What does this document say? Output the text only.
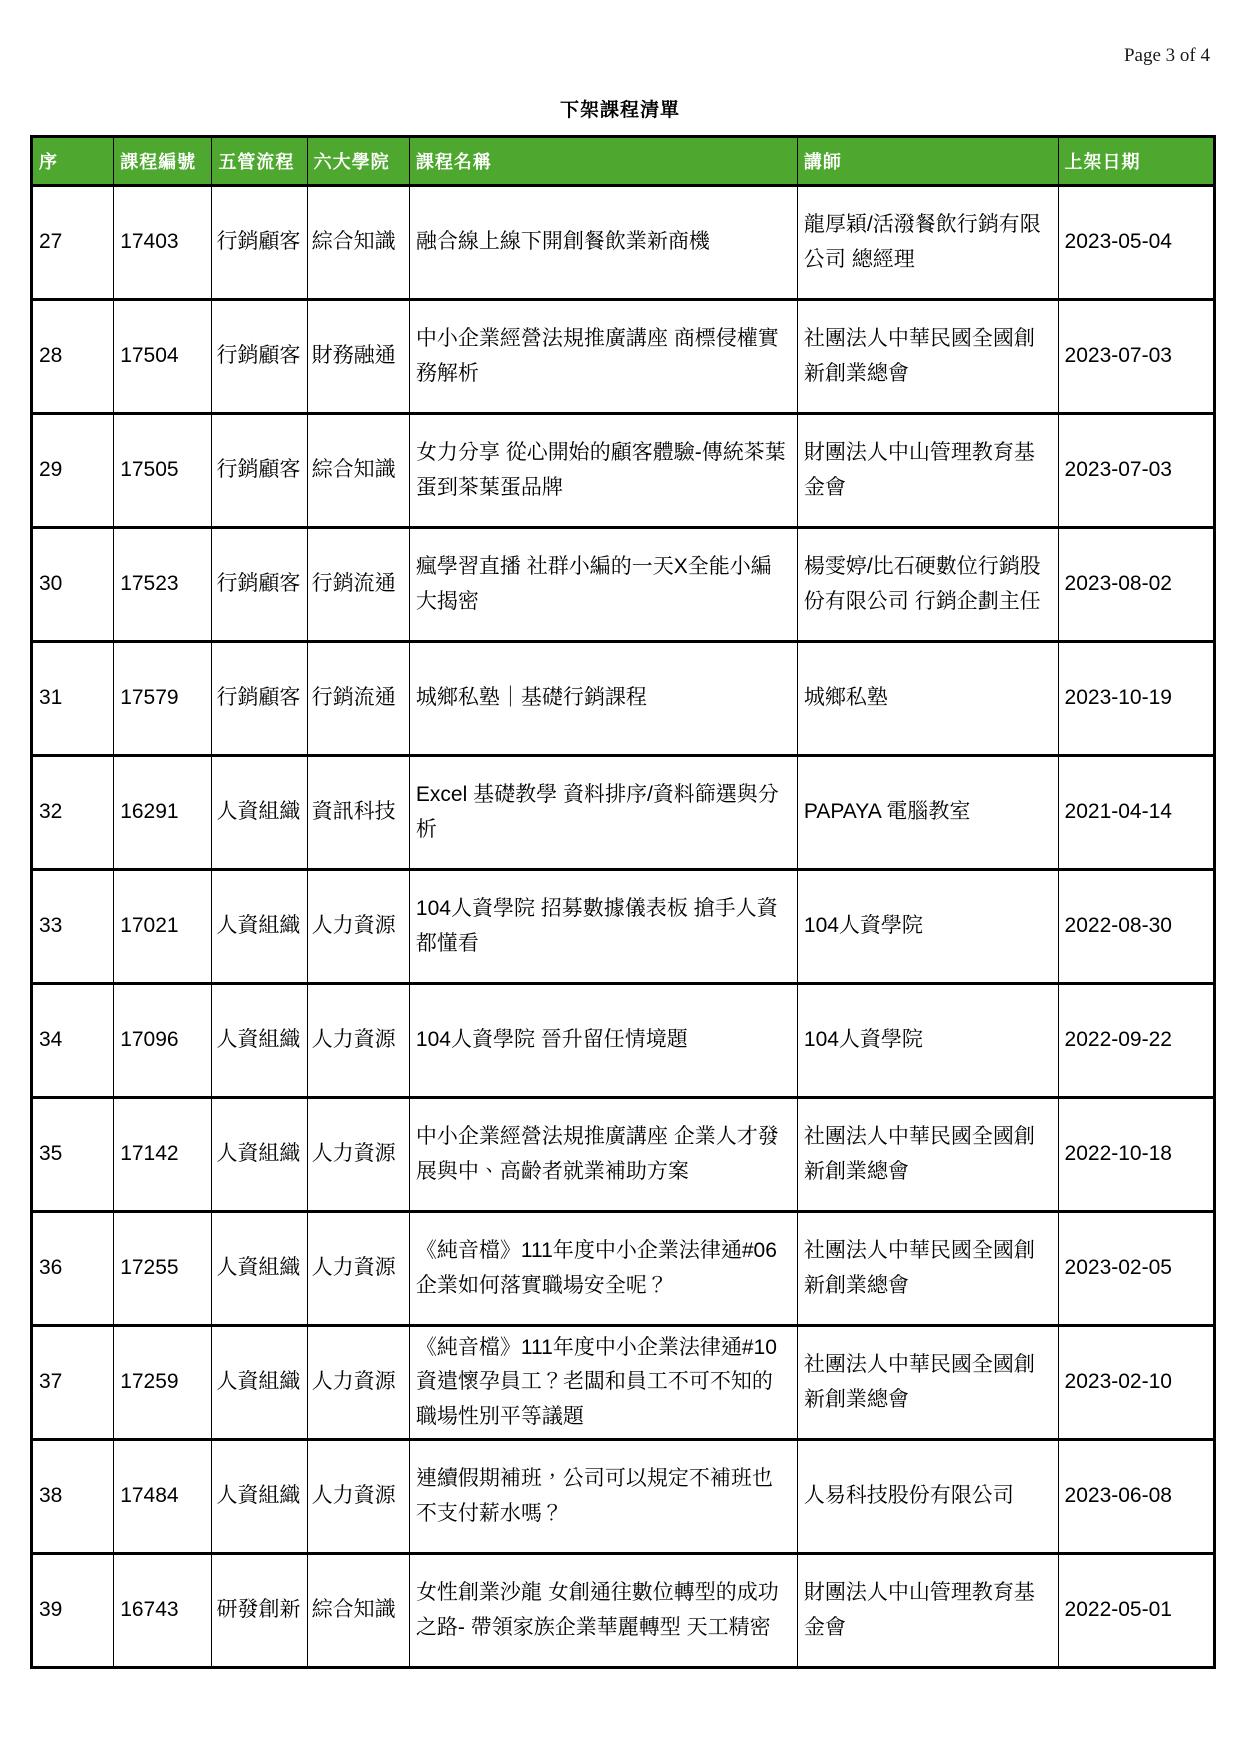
Page 3 of 4
下架課程清單
序	課程編號	五管流程	六大學院	課程名稱	講師	上架日期
27	17403	行銷顧客	綜合知識	融合線上線下開創餐飲業新商機	龍厚穎/活潑餐飲行銷有限公司 總經理	2023-05-04
28	17504	行銷顧客	財務融通	中小企業經營法規推廣講座 商標侵權實務解析	社團法人中華民國全國創新創業總會	2023-07-03
29	17505	行銷顧客	綜合知識	女力分享 從心開始的顧客體驗-傳統茶葉蛋到茶葉蛋品牌	財團法人中山管理教育基金會	2023-07-03
30	17523	行銷顧客	行銷流通	瘋學習直播 社群小編的一天X全能小編大揭密	楊雯婷/比石硬數位行銷股份有限公司 行銷企劃主任	2023-08-02
31	17579	行銷顧客	行銷流通	城鄉私塾｜基礎行銷課程	城鄉私塾	2023-10-19
32	16291	人資組織	資訊科技	Excel 基礎教學 資料排序/資料篩選與分析	PAPAYA 電腦教室	2021-04-14
33	17021	人資組織	人力資源	104人資學院 招募數據儀表板 搶手人資都懂看	104人資學院	2022-08-30
34	17096	人資組織	人力資源	104人資學院 晉升留任情境題	104人資學院	2022-09-22
35	17142	人資組織	人力資源	中小企業經營法規推廣講座 企業人才發展與中、高齡者就業補助方案	社團法人中華民國全國創新創業總會	2022-10-18
36	17255	人資組織	人力資源	《純音檔》111年度中小企業法律通#06 企業如何落實職場安全呢？	社團法人中華民國全國創新創業總會	2023-02-05
37	17259	人資組織	人力資源	《純音檔》111年度中小企業法律通#10 資遣懷孕員工？老闆和員工不可不知的職場性別平等議題	社團法人中華民國全國創新創業總會	2023-02-10
38	17484	人資組織	人力資源	連續假期補班，公司可以規定不補班也不支付薪水嗎？	人易科技股份有限公司	2023-06-08
39	16743	研發創新	綜合知識	女性創業沙龍 女創通往數位轉型的成功之路- 帶領家族企業華麗轉型 天工精密	財團法人中山管理教育基金會	2022-05-01
